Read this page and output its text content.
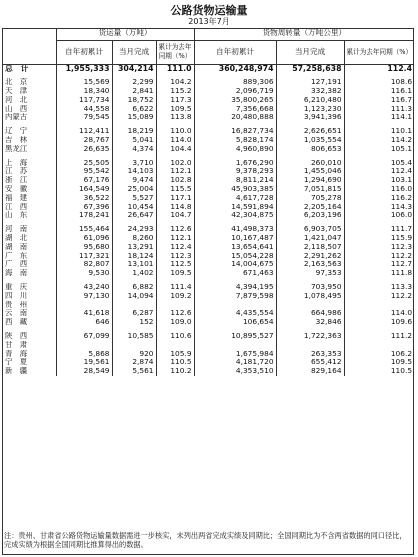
公路货物运输量
2013年7月
	货运量（万吨）			货物周转量（万吨公里）		
	自年初累计	当月完成	累计为去年同期（%）	自年初累计	当月完成	累计为去年同期（%）
总　计	1,955,333	304,214	111.0	360,248,974	57,258,638	112.4

北　京	15,569	2,299	104.2	889,306	127,191	108.6
天　津	18,340	2,841	115.2	2,096,719	332,382	116.1
河　北	117,734	18,752	117.3	35,800,265	6,210,480	116.7
山　西	44,558	6,622	109.5	7,356,668	1,123,230	111.3
内蒙古	79,545	15,089	113.8	20,480,888	3,941,396	114.1

辽　宁	112,411	18,219	110.0	16,827,734	2,626,651	110.1
吉　林	28,767	5,041	114.0	5,828,174	1,035,554	114.2
黑龙江	26,635	4,374	104.4	4,960,890	806,653	105.1

上　海	25,505	3,710	102.0	1,676,290	260,010	105.4
江　苏	95,542	14,103	112.1	9,378,293	1,455,046	112.4
浙　江	67,176	9,474	102.8	8,811,214	1,294,690	103.1
安　徽	164,549	25,004	115.5	45,903,385	7,051,815	116.0
福　建	36,522	5,527	117.1	4,617,728	705,278	116.2
江　西	67,396	10,454	114.8	14,591,894	2,205,164	114.3
山　东	178,241	26,647	104.7	42,304,875	6,203,196	106.0

河　南	155,464	24,293	112.6	41,498,373	6,903,705	111.7
湖　北	61,096	8,260	112.1	10,167,487	1,421,047	115.9
湖　南	95,680	13,291	112.4	13,654,641	2,118,507	112.3
广　东	117,321	18,124	112.3	15,054,228	2,291,262	112.2
广　西	82,807	13,101	112.5	14,004,675	2,163,563	112.7
海　南	9,530	1,402	109.5	671,463	97,353	111.8

重　庆	43,240	6,882	111.4	4,394,195	703,950	113.3
四　川	97,130	14,094	109.2	7,879,598	1,078,495	112.2
贵　州						
云　南	41,618	6,287	112.6	4,435,554	664,986	114.0
西　藏	646	152	109.0	106,654	32,846	109.6

陕　西	67,099	10,585	110.6	10,895,527	1,722,363	111.2
甘　肃						
青　海	5,868	920	105.9	1,675,984	263,353	106.2
宁　夏	19,561	2,874	110.5	4,181,720	655,412	109.5
新　疆	28,549	5,561	110.2	4,353,510	829,164	110.5
注：贵州、甘肃省公路货物运输量数据需进一步核实，未列出两省完成实绩及同期比；全国同期比为不含两省数据的同口径比，完成实绩为根据全国同期比推算得出的数据。
